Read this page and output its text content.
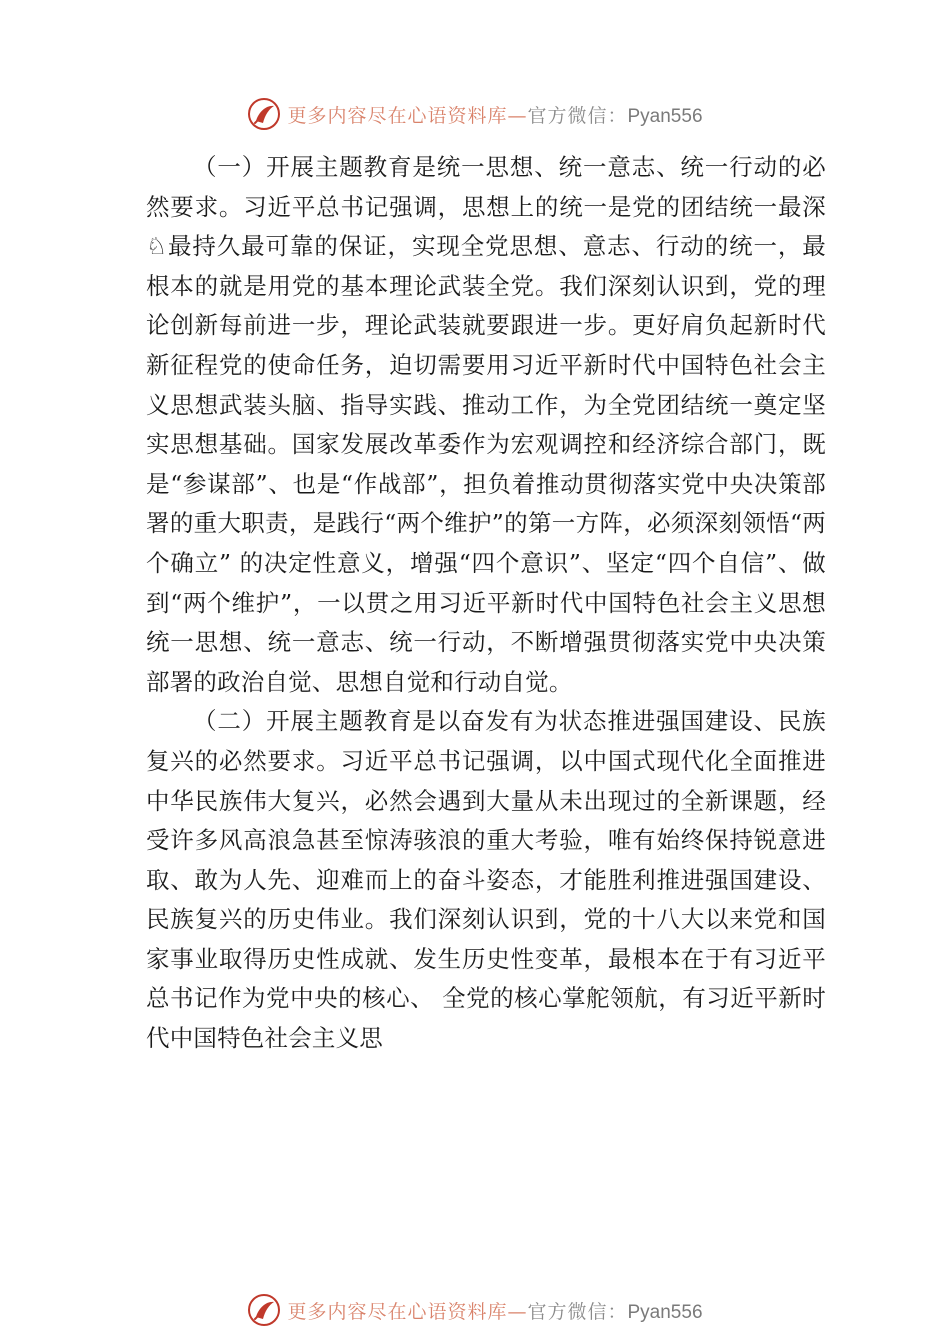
更多内容尽在心语资料库—官方微信：Pyan556

（一）开展主题教育是统一思想、统一意志、统一行动的必然要求。习近平总书记强调，思想上的统一是党的团结统一最深♘最持久最可靠的保证，实现全党思想、意志、行动的统一，最根本的就是用党的基本理论武装全党。我们深刻认识到，党的理论创新每前进一步，理论武装就要跟进一步。更好肩负起新时代新征程党的使命任务，迫切需要用习近平新时代中国特色社会主义思想武装头脑、指导实践、推动工作，为全党团结统一奠定坚实思想基础。国家发展改革委作为宏观调控和经济综合部门，既是“参谋部”、也是“作战部”，担负着推动贯彻落实党中央决策部署的重大职责，是践行“两个维护”的第一方阵，必须深刻领悟“两个确立” 的决定性意义，增强“四个意识”、坚定“四个自信”、做到“两个维护”，一以贯之用习近平新时代中国特色社会主义思想统一思想、统一意志、统一行动，不断增强贯彻落实党中央决策部署的政治自觉、思想自觉和行动自觉。

（二）开展主题教育是以奋发有为状态推进强国建设、民族复兴的必然要求。习近平总书记强调，以中国式现代化全面推进中华民族伟大复兴，必然会遇到大量从未出现过的全新课题，经受许多风高浪急甚至惊涛骇浪的重大考验，唯有始终保持锐意进取、敢为人先、迎难而上的奋斗姿态，才能胜利推进强国建设、民族复兴的历史伟业。我们深刻认识到，党的十八大以来党和国家事业取得历史性成就、发生历史性变革，最根本在于有习近平总书记作为党中央的核心、 全党的核心掌舵领航，有习近平新时代中国特色社会主义思

更多内容尽在心语资料库—官方微信：Pyan556
